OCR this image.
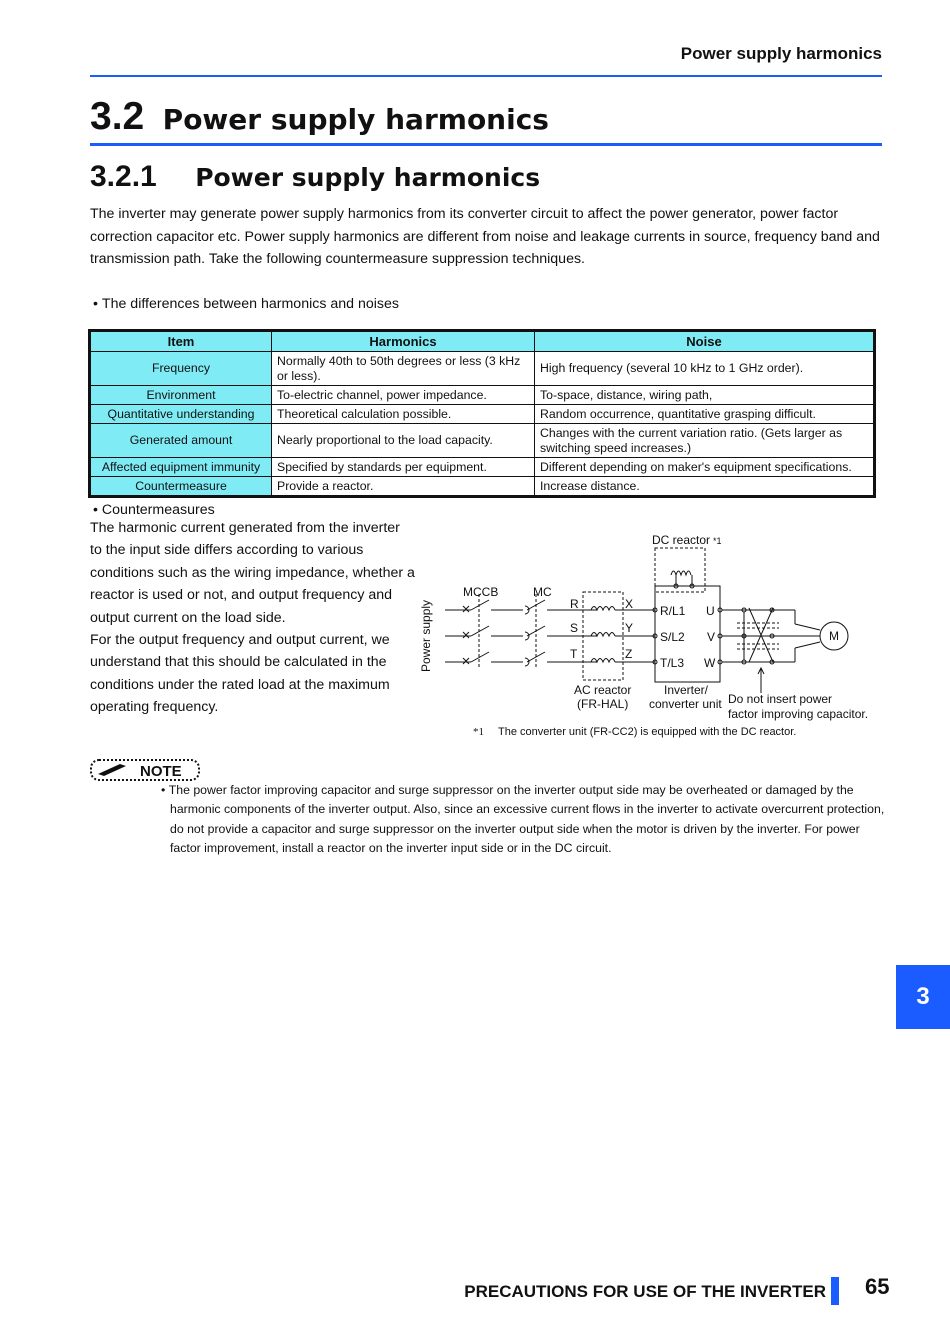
Power supply harmonics
3.2 Power supply harmonics
3.2.1 Power supply harmonics
The inverter may generate power supply harmonics from its converter circuit to affect the power generator, power factor correction capacitor etc. Power supply harmonics are different from noise and leakage currents in source, frequency band and transmission path. Take the following countermeasure suppression techniques.
• The differences between harmonics and noises
Item	Harmonics	Noise
Frequency	Normally 40th to 50th degrees or less (3 kHz or less).	High frequency (several 10 kHz to 1 GHz order).
Environment	To-electric channel, power impedance.	To-space, distance, wiring path,
Quantitative understanding	Theoretical calculation possible.	Random occurrence, quantitative grasping difficult.
Generated amount	Nearly proportional to the load capacity.	Changes with the current variation ratio. (Gets larger as switching speed increases.)
Affected equipment immunity	Specified by standards per equipment.	Different depending on maker's equipment specifications.
Countermeasure	Provide a reactor.	Increase distance.
• Countermeasures
The harmonic current generated from the inverter to the input side differs according to various conditions such as the wiring impedance, whether a reactor is used or not, and output frequency and output current on the load side.
For the output frequency and output current, we understand that this should be calculated in the conditions under the rated load at the maximum operating frequency.
DC reactor *1
Power supply
MCCB	MC
R
S
T
X
Y
Z
R/L1
S/L2
T/L3
U
V
W
M
AC reactor
(FR-HAL)
Inverter/
converter unit Do not insert power
factor improving capacitor.
*1 The converter unit (FR-CC2) is equipped with the DC reactor.
NOTE
• The power factor improving capacitor and surge suppressor on the inverter output side may be overheated or damaged by the harmonic components of the inverter output. Also, since an excessive current flows in the inverter to activate overcurrent protection, do not provide a capacitor and surge suppressor on the inverter output side when the motor is driven by the inverter. For power factor improvement, install a reactor on the inverter input side or in the DC circuit.
3
PRECAUTIONS FOR USE OF THE INVERTER 65
